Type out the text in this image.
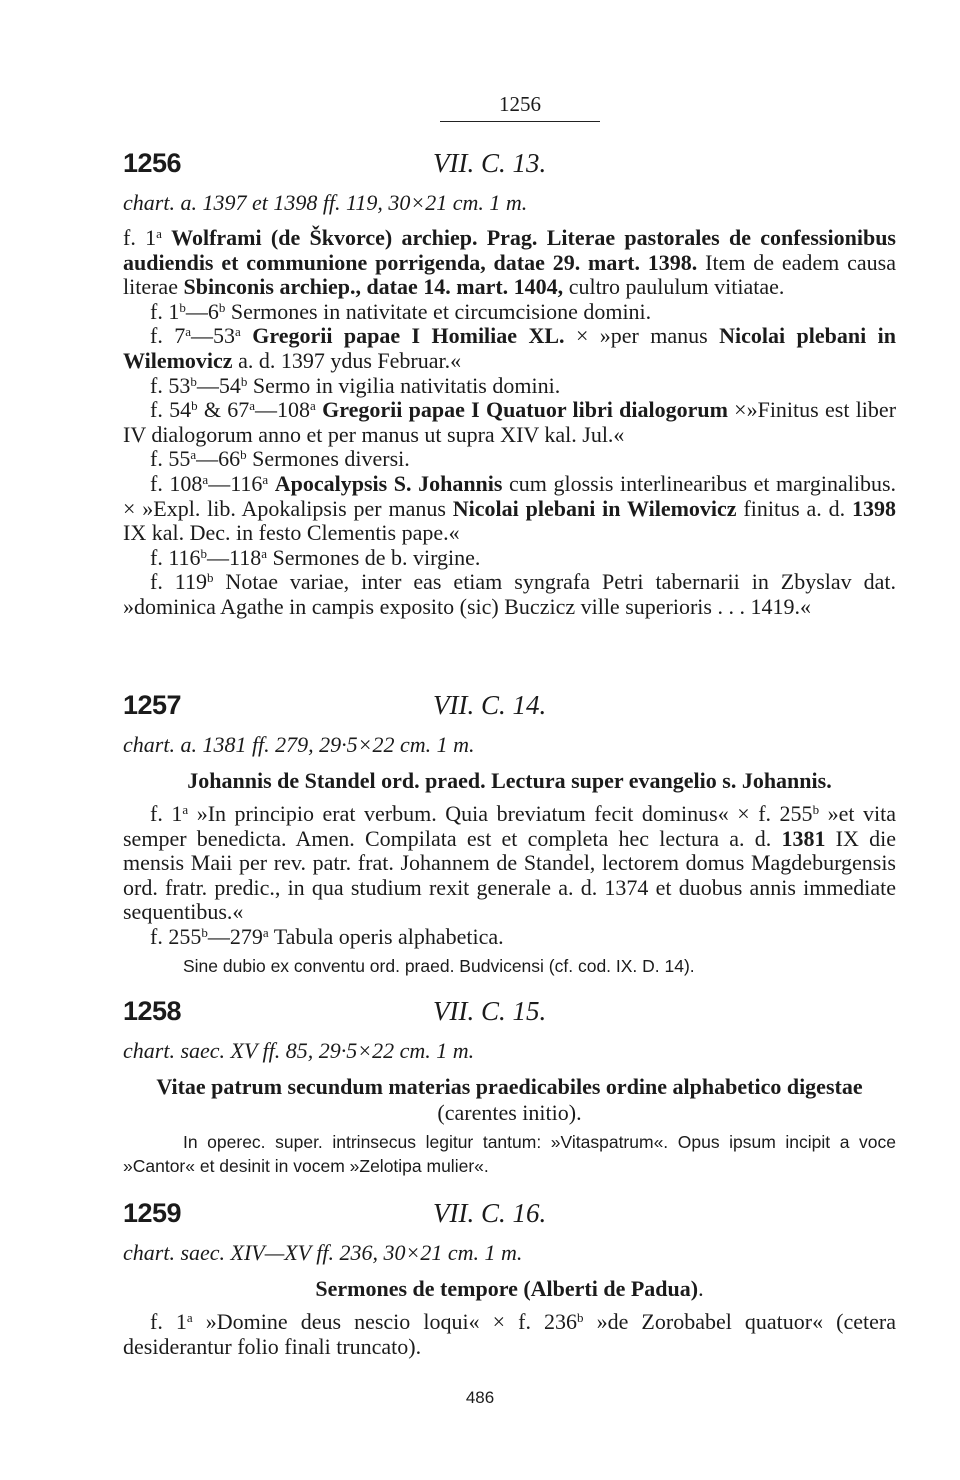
1256
1256	VII. C. 13.
chart. a. 1397 et 1398 ff. 119, 30×21 cm. 1 m.

f. 1$^a$ Wolframi (de Škvorce) archiep. Prag. Literae pastorales de confessionibus audiendis et communione porrigenda, datae 29. mart. 1398. Item de eadem causa literae Sbinconis archiep., datae 14. mart. 1404, cultro paululum vitiatae.

f. 1$^b$—6$^b$ Sermones in nativitate et circumcisione domini.

f. 7$^a$—53$^a$ Gregorii papae I Homiliae XL. × »per manus Nicolai plebani in Wilemovicz a. d. 1397 ydus Februar.«

f. 53$^b$—54$^b$ Sermo in vigilia nativitatis domini.

f. 54$^b$ & 67$^a$—108$^a$ Gregorii papae I Quatuor libri dialogorum ×»Finitus est liber IV dialogorum anno et per manus ut supra XIV kal. Jul.«

f. 55$^a$—66$^b$ Sermones diversi.

f. 108$^a$—116$^a$ Apocalypsis S. Johannis cum glossis interlinearibus et marginalibus. × »Expl. lib. Apokalipsis per manus Nicolai plebani in Wilemovicz finitus a. d. 1398 IX kal. Dec. in festo Clementis pape.«

f. 116$^b$—118$^a$ Sermones de b. virgine.

f. 119$^b$ Notae variae, inter eas etiam syngrafa Petri tabernarii in Zbyslav dat. »dominica Agathe in campis exposito (sic) Buczicz ville superioris . . . 1419.«

1257	VII. C. 14.
chart. a. 1381 ff. 279, 29·5×22 cm. 1 m.
Johannis de Standel ord. praed. Lectura super evangelio s. Johannis.

f. 1$^a$ »In principio erat verbum. Quia breviatum fecit dominus« × f. 255$^b$ »et vita semper benedicta. Amen. Compilata est et completa hec lectura a. d. 1381 IX die mensis Maii per rev. patr. frat. Johannem de Standel, lectorem domus Magdeburgensis ord. fratr. predic., in qua studium rexit generale a. d. 1374 et duobus annis immediate sequentibus.«

f. 255$^b$—279$^a$ Tabula operis alphabetica.

Sine dubio ex conventu ord. praed. Budvicensi (cf. cod. IX. D. 14).
1258	VII. C. 15.
chart. saec. XV ff. 85, 29·5×22 cm. 1 m.
Vitae patrum secundum materias praedicabiles ordine alphabetico digestae (carentes initio).
In operec. super. intrinsecus legitur tantum: »Vitaspatrum«. Opus ipsum incipit a voce »Cantor« et desinit in vocem »Zelotipa mulier«.
1259	VII. C. 16.
chart. saec. XIV—XV ff. 236, 30×21 cm. 1 m.
Sermones de tempore (Alberti de Padua).

f. 1$^a$ »Domine deus nescio loqui« × f. 236$^b$ »de Zorobabel quatuor« (cetera desiderantur folio finali truncato).

486
